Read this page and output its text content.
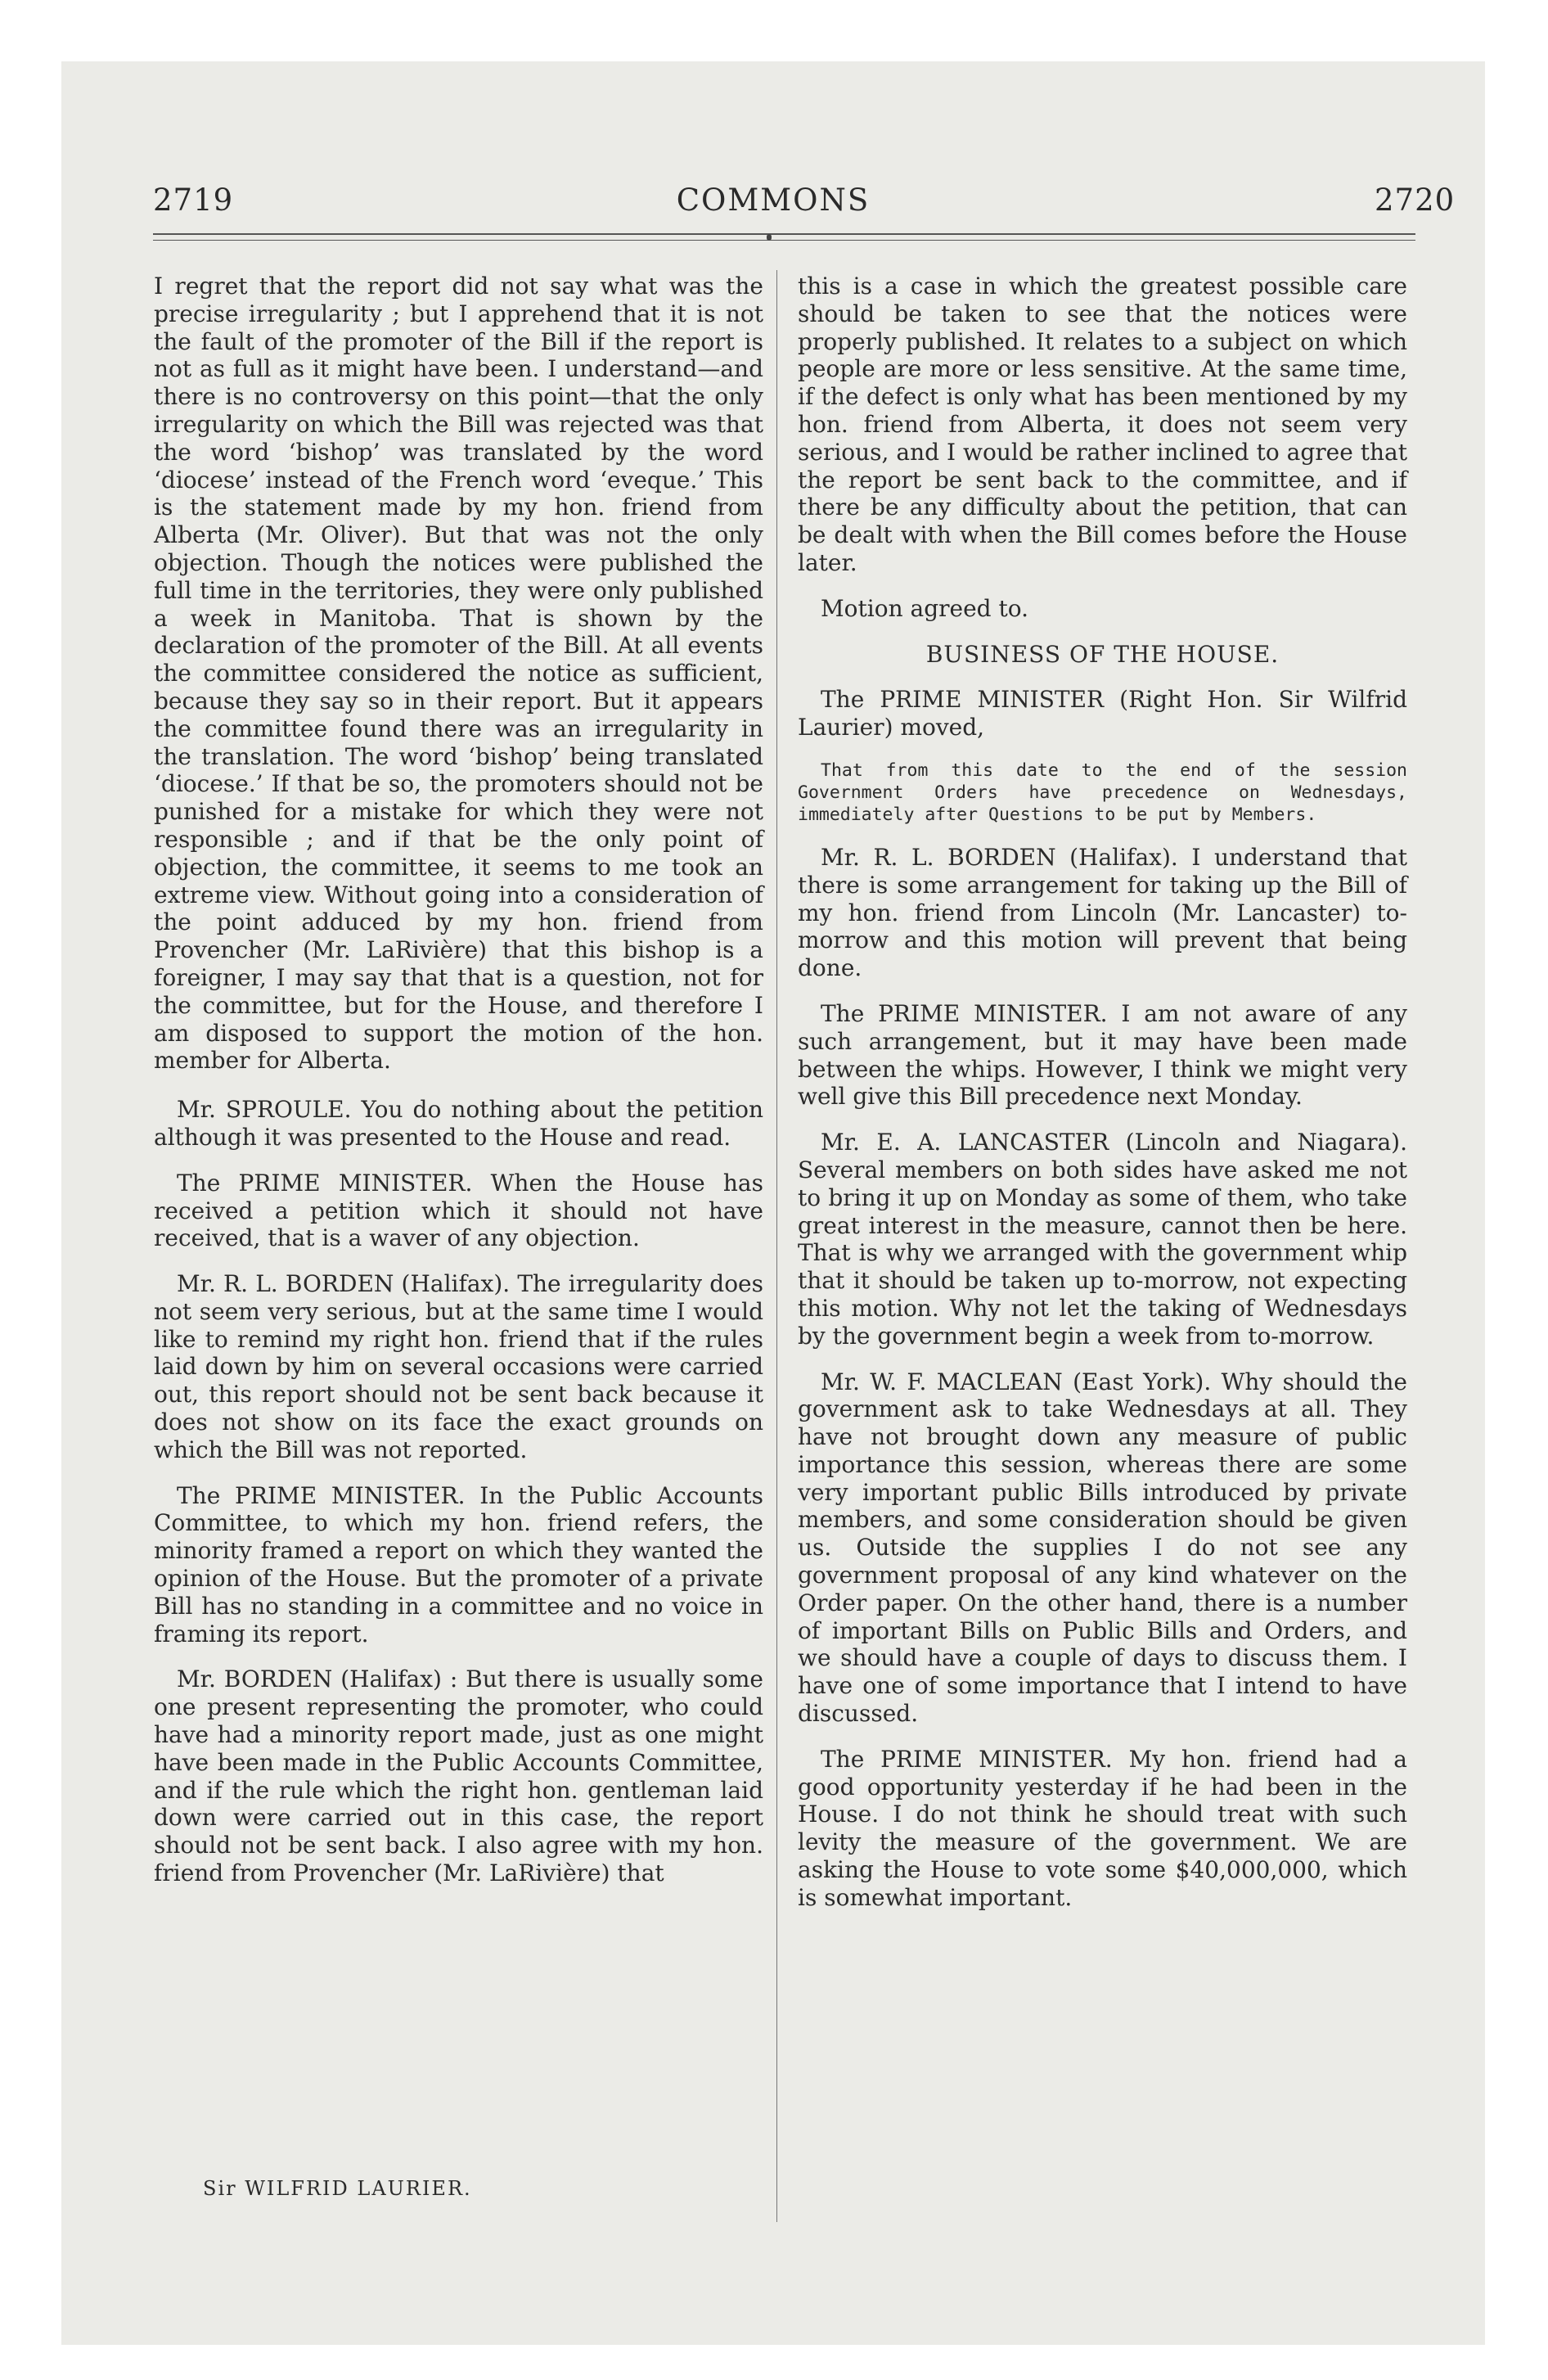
2719	COMMONS	2720

I regret that the report did not say what was the precise irregularity ; but I apprehend that it is not the fault of the promoter of the Bill if the report is not as full as it might have been. I understand—and there is no controversy on this point—that the only irregularity on which the Bill was rejected was that the word ‘bishop’ was translated by the word ‘diocese’ instead of the French word ‘eveque.’ This is the statement made by my hon. friend from Alberta (Mr. Oliver). But that was not the only objection. Though the notices were published the full time in the territories, they were only published a week in Manitoba. That is shown by the declaration of the promoter of the Bill. At all events the committee considered the notice as sufficient, because they say so in their report. But it appears the committee found there was an irregularity in the translation. The word ‘bishop’ being translated ‘diocese.’ If that be so, the promoters should not be punished for a mistake for which they were not responsible ; and if that be the only point of objection, the committee, it seems to me took an extreme view. Without going into a consideration of the point adduced by my hon. friend from Provencher (Mr. LaRivière) that this bishop is a foreigner, I may say that that is a question, not for the committee, but for the House, and therefore I am disposed to support the motion of the hon. member for Alberta.

Mr. SPROULE. You do nothing about the petition although it was presented to the House and read.

The PRIME MINISTER. When the House has received a petition which it should not have received, that is a waver of any objection.

Mr. R. L. BORDEN (Halifax). The irregularity does not seem very serious, but at the same time I would like to remind my right hon. friend that if the rules laid down by him on several occasions were carried out, this report should not be sent back because it does not show on its face the exact grounds on which the Bill was not reported.

The PRIME MINISTER. In the Public Accounts Committee, to which my hon. friend refers, the minority framed a report on which they wanted the opinion of the House. But the promoter of a private Bill has no standing in a committee and no voice in framing its report.

Mr. BORDEN (Halifax) : But there is usually some one present representing the promoter, who could have had a minority report made, just as one might have been made in the Public Accounts Committee, and if the rule which the right hon. gentleman laid down were carried out in this case, the report should not be sent back. I also agree with my hon. friend from Provencher (Mr. LaRivière) that

this is a case in which the greatest possible care should be taken to see that the notices were properly published. It relates to a subject on which people are more or less sensitive. At the same time, if the defect is only what has been mentioned by my hon. friend from Alberta, it does not seem very serious, and I would be rather inclined to agree that the report be sent back to the committee, and if there be any difficulty about the petition, that can be dealt with when the Bill comes before the House later.

Motion agreed to.

BUSINESS OF THE HOUSE.

The PRIME MINISTER (Right Hon. Sir Wilfrid Laurier) moved,

That from this date to the end of the session Government Orders have precedence on Wednesdays, immediately after Questions to be put by Members.

Mr. R. L. BORDEN (Halifax). I understand that there is some arrangement for taking up the Bill of my hon. friend from Lincoln (Mr. Lancaster) to-morrow and this motion will prevent that being done.

The PRIME MINISTER. I am not aware of any such arrangement, but it may have been made between the whips. However, I think we might very well give this Bill precedence next Monday.

Mr. E. A. LANCASTER (Lincoln and Niagara). Several members on both sides have asked me not to bring it up on Monday as some of them, who take great interest in the measure, cannot then be here. That is why we arranged with the government whip that it should be taken up to-morrow, not expecting this motion. Why not let the taking of Wednesdays by the government begin a week from to-morrow.

Mr. W. F. MACLEAN (East York). Why should the government ask to take Wednesdays at all. They have not brought down any measure of public importance this session, whereas there are some very important public Bills introduced by private members, and some consideration should be given us. Outside the supplies I do not see any government proposal of any kind whatever on the Order paper. On the other hand, there is a number of important Bills on Public Bills and Orders, and we should have a couple of days to discuss them. I have one of some importance that I intend to have discussed.

The PRIME MINISTER. My hon. friend had a good opportunity yesterday if he had been in the House. I do not think he should treat with such levity the measure of the government. We are asking the House to vote some $40,000,000, which is somewhat important.

Sir WILFRID LAURIER.
